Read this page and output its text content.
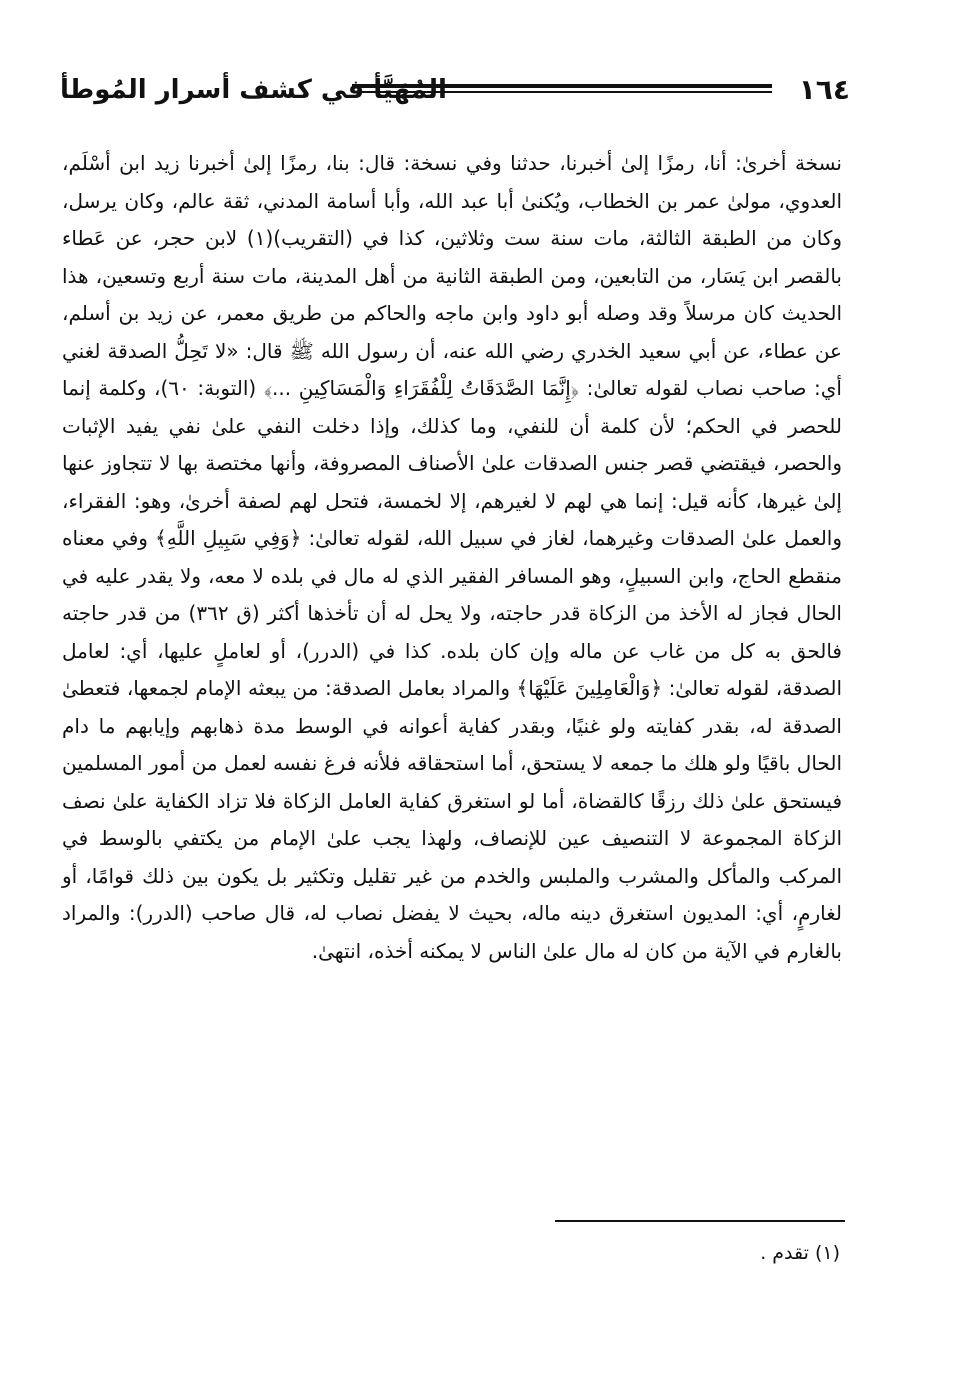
١٦٤
المُهَيَّأ في كشف أسرار المُوطأ

نسخة أخرىٰ: أنا، رمزًا إلىٰ أخبرنا، حدثنا وفي نسخة: قال: بنا، رمزًا إلىٰ أخبرنا زيد ابن أسْلَم، العدوي، مولىٰ عمر بن الخطاب، ويُكنىٰ أبا عبد الله، وأبا أسامة المدني، ثقة عالم، وكان يرسل، وكان من الطبقة الثالثة، مات سنة ست وثلاثين، كذا في (التقريب)(١) لابن حجر، عن عَطاء بالقصر ابن يَسَار، من التابعين، ومن الطبقة الثانية من أهل المدينة، مات سنة أربع وتسعين، هذا الحديث كان مرسلاً وقد وصله أبو داود وابن ماجه والحاكم من طريق معمر، عن زيد بن أسلم، عن عطاء، عن أبي سعيد الخدري رضي الله عنه، أن رسول الله ﷺ قال: «لا تَحِلُّ الصدقة لغني أي: صاحب نصاب لقوله تعالىٰ: ﴿إِنَّمَا الصَّدَقَاتُ لِلْفُقَرَاءِ وَالْمَسَاكِينِ ...﴾ (التوبة: ٦٠)، وكلمة إنما للحصر في الحكم؛ لأن كلمة أن للنفي، وما كذلك، وإذا دخلت النفي علىٰ نفي يفيد الإثبات والحصر، فيقتضي قصر جنس الصدقات علىٰ الأصناف المصروفة، وأنها مختصة بها لا تتجاوز عنها إلىٰ غيرها، كأنه قيل: إنما هي لهم لا لغيرهم، إلا لخمسة، فتحل لهم لصفة أخرىٰ، وهو: الفقراء، والعمل علىٰ الصدقات وغيرهما، لغاز في سبيل الله، لقوله تعالىٰ: ﴿وَفِي سَبِيلِ اللَّهِ﴾ وفي معناه منقطع الحاج، وابن السبيلٍ، وهو المسافر الفقير الذي له مال في بلده لا معه، ولا يقدر عليه في الحال فجاز له الأخذ من الزكاة قدر حاجته، ولا يحل له أن تأخذها أكثر (ق ٣٦٢) من قدر حاجته فالحق به كل من غاب عن ماله وإن كان بلده. كذا في (الدرر)، أو لعاملٍ عليها، أي: لعامل الصدقة، لقوله تعالىٰ: ﴿وَالْعَامِلِينَ عَلَيْهَا﴾ والمراد بعامل الصدقة: من يبعثه الإمام لجمعها، فتعطىٰ الصدقة له، بقدر كفايته ولو غنيًا، وبقدر كفاية أعوانه في الوسط مدة ذهابهم وإيابهم ما دام الحال باقيًا ولو هلك ما جمعه لا يستحق، أما استحقاقه فلأنه فرغ نفسه لعمل من أمور المسلمين فيستحق علىٰ ذلك رزقًا كالقضاة، أما لو استغرق كفاية العامل الزكاة فلا تزاد الكفاية علىٰ نصف الزكاة المجموعة لا التنصيف عين للإنصاف، ولهذا يجب علىٰ الإمام من يكتفي بالوسط في المركب والمأكل والمشرب والملبس والخدم من غير تقليل وتكثير بل يكون بين ذلك قوامًا، أو لغارمٍ، أي: المديون استغرق دينه ماله، بحيث لا يفضل نصاب له، قال صاحب (الدرر): والمراد بالغارم في الآية من كان له مال علىٰ الناس لا يمكنه أخذه، انتهىٰ.

(١) تقدم .
